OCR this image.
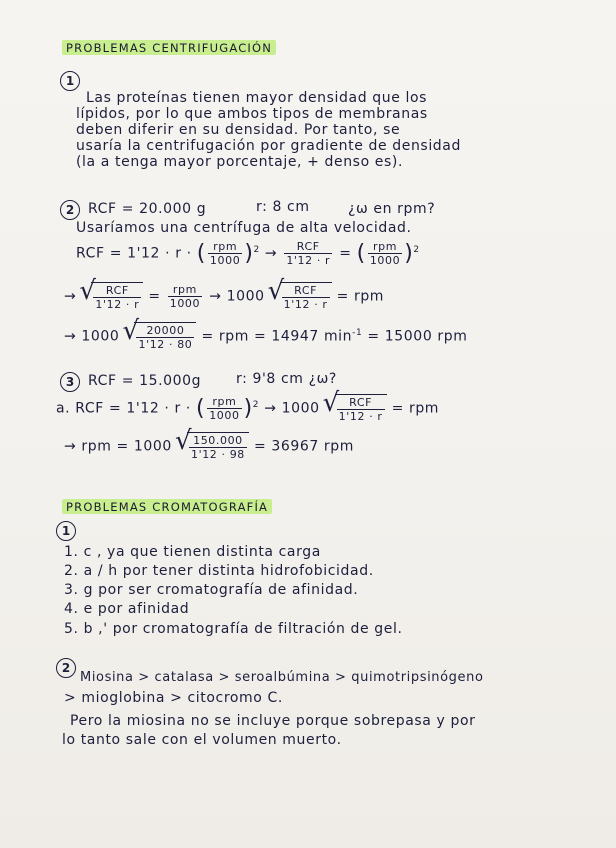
PROBLEMAS CENTRIFUGACIÓN
1
Las proteínas tienen mayor densidad que los
lípidos, por lo que ambos tipos de membranas
deben diferir en su densidad. Por tanto, se
usaría la centrifugación por gradiente de densidad
(la a tenga mayor porcentaje, + denso es).
2 RCF = 20.000 g	r: 8 cm	¿ω en rpm?
Usaríamos una centrífuga de alta velocidad.
RCF = 1'12 · r · ( $\frac{\text{rpm}}{1000} )^2 \to \frac{\text{RCF}}{1'12 \cdot r}$ = ( $\frac{\text{rpm}}{1000} )^2$
→ √ $\frac{\text{RCF}}{1'12 \cdot r} = \frac{\text{rpm}}{1000} \to 1000$ √ $\frac{\text{RCF}}{1'12 \cdot r}$ = rpm
→ 1000 √ $\frac{20000}{1'12 \cdot 80}$ = rpm = 14947 $\min^{-1} = 15000$ rpm
3 RCF = 15.000g r: 9'8 cm ¿ω?
a. RCF = 1'12 · r · ( $\frac{\text{rpm}}{1000} )^2 \to 1000$ √ $\frac{\text{RCF}}{1'12 \cdot r}$ = rpm
→ rpm = 1000 √ $\frac{150.000}{1'12 \cdot 98} = 36967$ rpm
PROBLEMAS CROMATOGRAFÍA
1
1. c , ya que tienen distinta carga
2. a / h por tener distinta hidrofobicidad.
3. g por ser cromatografía de afinidad.
4. e por afinidad
5. b ,' por cromatografía de filtración de gel.
2
Miosina > catalasa > seroalbúmina > quimotripsinógeno
> mioglobina > citocromo C.
Pero la miosina no se incluye porque sobrepasa y por
lo tanto sale con el volumen muerto.
